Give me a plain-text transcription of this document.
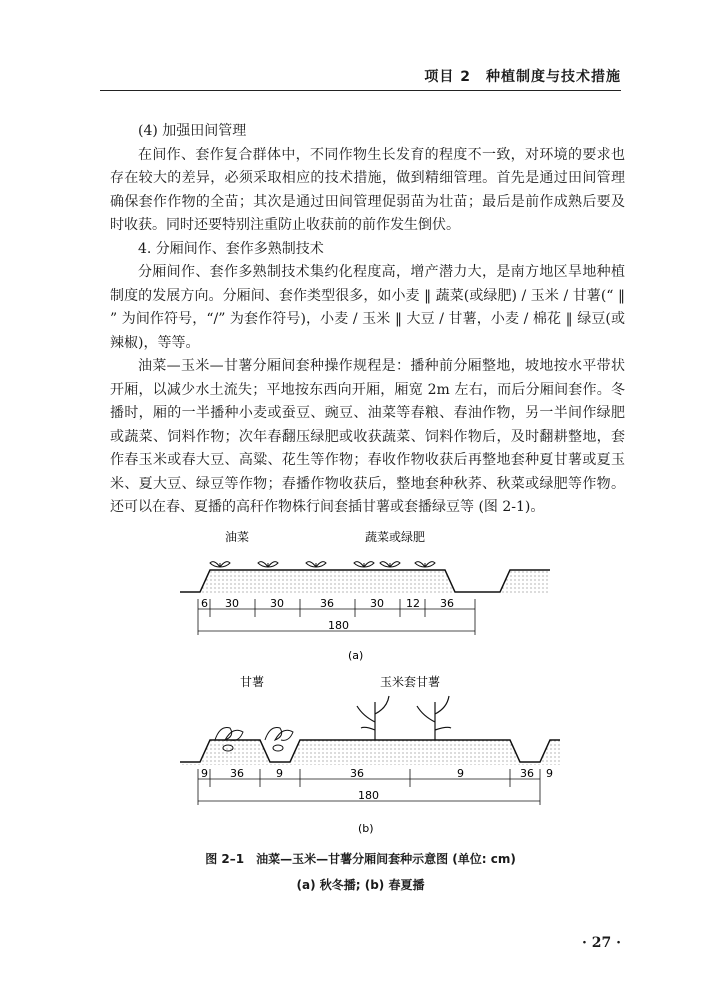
项目 2　种植制度与技术措施

(4) 加强田间管理

在间作、套作复合群体中，不同作物生长发育的程度不一致，对环境的要求也存在较大的差异，必须采取相应的技术措施，做到精细管理。首先是通过田间管理确保套作作物的全苗；其次是通过田间管理促弱苗为壮苗；最后是前作成熟后要及时收获。同时还要特别注重防止收获前的前作发生倒伏。

4. 分厢间作、套作多熟制技术

分厢间作、套作多熟制技术集约化程度高，增产潜力大，是南方地区旱地种植制度的发展方向。分厢间、套作类型很多，如小麦 ‖ 蔬菜(或绿肥) / 玉米 / 甘薯(“ ‖ ” 为间作符号，“/” 为套作符号)，小麦 / 玉米 ‖ 大豆 / 甘薯，小麦 / 棉花 ‖ 绿豆(或辣椒)，等等。

油菜—玉米—甘薯分厢间套种操作规程是：播种前分厢整地，坡地按水平带状开厢，以减少水土流失；平地按东西向开厢，厢宽 2m 左右，而后分厢间套作。冬播时，厢的一半播种小麦或蚕豆、豌豆、油菜等春粮、春油作物，另一半间作绿肥或蔬菜、饲料作物；次年春翻压绿肥或收获蔬菜、饲料作物后，及时翻耕整地，套作春玉米或春大豆、高粱、花生等作物；春收作物收获后再整地套种夏甘薯或夏玉米、夏大豆、绿豆等作物；春播作物收获后，整地套种秋荞、秋菜或绿肥等作物。还可以在春、夏播的高秆作物株行间套插甘薯或套播绿豆等 (图 2-1)。

油菜	蔬菜或绿肥
6 30	30	36	30 12 36
180
(a)
甘薯	玉米套甘薯
9 36	9	36	9	36 9
180
(b)
图 2–1　油菜—玉米—甘薯分厢间套种示意图 (单位: cm)
(a) 秋冬播; (b) 春夏播
· 27 ·
